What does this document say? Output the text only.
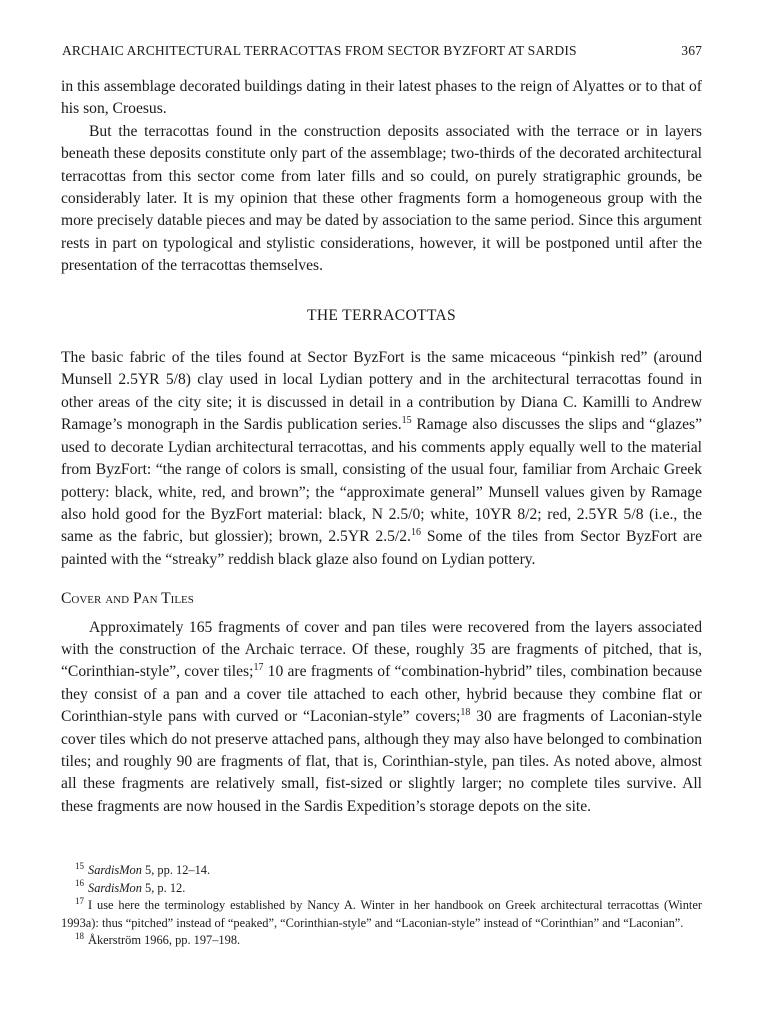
ARCHAIC ARCHITECTURAL TERRACOTTAS FROM SECTOR BYZFORT AT SARDIS	367

in this assemblage decorated buildings dating in their latest phases to the reign of Alyattes or to that of his son, Croesus.

But the terracottas found in the construction deposits associated with the terrace or in layers beneath these deposits constitute only part of the assemblage; two-thirds of the decorated architectural terracottas from this sector come from later fills and so could, on purely stratigraphic grounds, be considerably later. It is my opinion that these other fragments form a homogeneous group with the more precisely datable pieces and may be dated by association to the same period. Since this argument rests in part on typological and stylistic considerations, however, it will be postponed until after the presentation of the terracottas themselves.

THE TERRACOTTAS

The basic fabric of the tiles found at Sector ByzFort is the same micaceous “pinkish red” (around Munsell 2.5YR 5/8) clay used in local Lydian pottery and in the architectural terracottas found in other areas of the city site; it is discussed in detail in a contribution by Diana C. Kamilli to Andrew Ramage’s monograph in the Sardis publication series.$^{15}$ Ramage also discusses the slips and “glazes” used to decorate Lydian architectural terracottas, and his comments apply equally well to the material from ByzFort: “the range of colors is small, consisting of the usual four, familiar from Archaic Greek pottery: black, white, red, and brown”; the “approximate general” Munsell values given by Ramage also hold good for the ByzFort material: black, N 2.5/0; white, 10YR 8/2; red, 2.5YR 5/8 (i.e., the same as the fabric, but glossier); brown, 2.5YR 2.5/2.16 Some of the tiles from Sector ByzFort are painted with the “streaky” reddish black glaze also found on Lydian pottery.

Cover and Pan Tiles

Approximately 165 fragments of cover and pan tiles were recovered from the layers associated with the construction of the Archaic terrace. Of these, roughly 35 are fragments of pitched, that is, “Corinthian-style”, cover tiles;$^{17}$ 10 are fragments of “combination-hybrid” tiles, combination because they consist of a pan and a cover tile attached to each other, hybrid because they combine flat or Corinthian-style pans with curved or “Laconian-style” covers;$^{18}$ 30 are fragments of Laconian-style cover tiles which do not preserve attached pans, although they may also have belonged to combination tiles; and roughly 90 are fragments of flat, that is, Corinthian-style, pan tiles. As noted above, almost all these fragments are relatively small, fist-sized or slightly larger; no complete tiles survive. All these fragments are now housed in the Sardis Expedition’s storage depots on the site.

$^{15}$ SardisMon 5, pp. 12–14.

$^{16}$ SardisMon 5, p. 12.

$^{17}$ I use here the terminology established by Nancy A. Winter in her handbook on Greek architectural terracottas (Winter 1993a): thus “pitched” instead of “peaked”, “Corinthian-style” and “Laconian-style” instead of “Corinthian” and “Laconian”.

$^{18}$ Åkerström 1966, pp. 197–198.
